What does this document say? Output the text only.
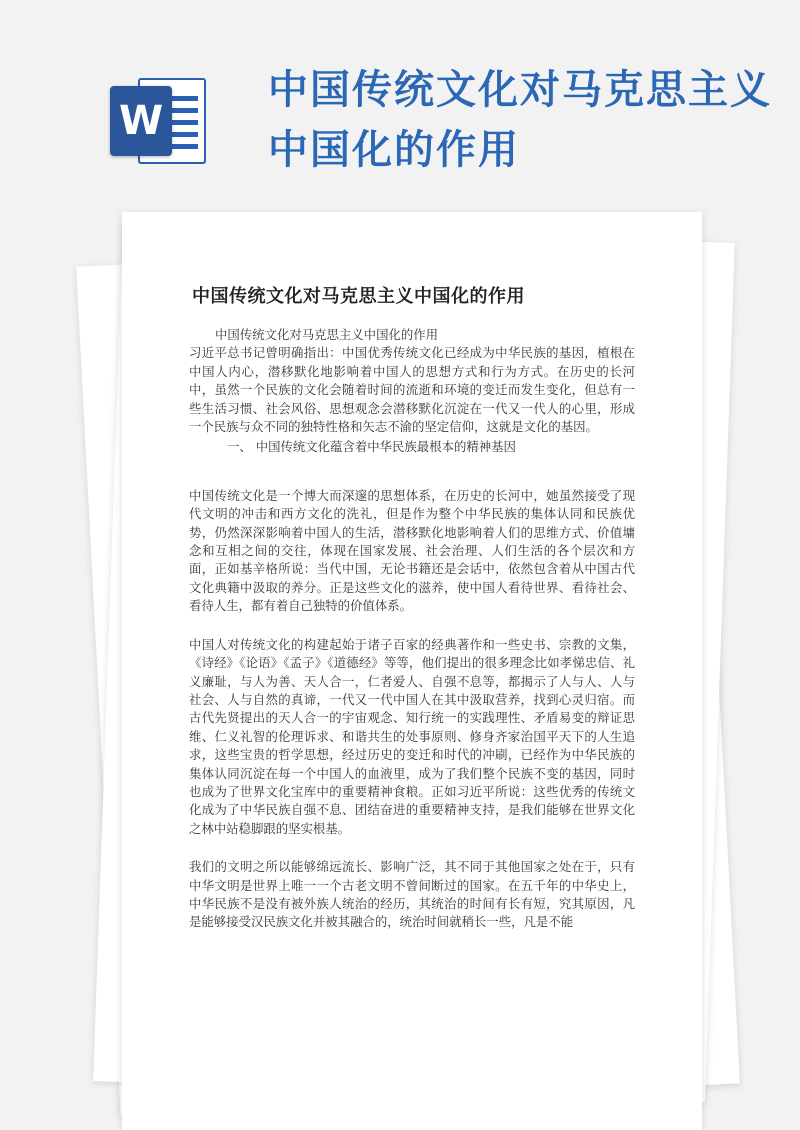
W
中国传统文化对马克思主义中国化的作用
中国传统文化对马克思主义中国化的作用

中国传统文化对马克思主义中国化的作用

习近平总书记曾明确指出：中国优秀传统文化已经成为中华民族的基因，植根在中国人内心，潜移默化地影响着中国人的思想方式和行为方式。在历史的长河中，虽然一个民族的文化会随着时间的流逝和环境的变迁而发生变化，但总有一些生活习惯、社会风俗、思想观念会潜移默化沉淀在一代又一代人的心里，形成一个民族与众不同的独特性格和矢志不渝的坚定信仰，这就是文化的基因。

一、 中国传统文化蕴含着中华民族最根本的精神基因

中国传统文化是一个博大而深邃的思想体系，在历史的长河中，她虽然接受了现代文明的冲击和西方文化的洗礼，但是作为整个中华民族的集体认同和民族优势，仍然深深影响着中国人的生活，潜移默化地影响着人们的思维方式、价值墉念和互相之间的交往，体现在国家发展、社会治理、人们生活的各个层次和方面，正如基辛格所说：当代中国，无论书籍还是会话中，依然包含着从中国古代文化典籍中汲取的养分。正是这些文化的滋养，使中国人看待世界、看待社会、看待人生，都有着自己独特的价值体系。

中国人对传统文化的构建起始于诸子百家的经典著作和一些史书、宗教的文集，《诗经》《论语》《孟子》《道德经》等等，他们提出的很多理念比如孝悌忠信、礼义廉耻，与人为善、天人合一，仁者爱人、自强不息等，都揭示了人与人、人与社会、人与自然的真谛，一代又一代中国人在其中汲取营养，找到心灵归宿。而古代先贤提出的天人合一的宇宙观念、知行统一的实践理性、矛盾易变的辩证思维、仁义礼智的伦理诉求、和谐共生的处事原则、修身齐家治国平天下的人生追求，这些宝贵的哲学思想，经过历史的变迁和时代的冲刷，已经作为中华民族的集体认同沉淀在每一个中国人的血液里，成为了我们整个民族不变的基因，同时也成为了世界文化宝库中的重要精神食粮。正如习近平所说：这些优秀的传统文化成为了中华民族自强不息、团结奋进的重要精神支持，是我们能够在世界文化之林中站稳脚跟的坚实根基。

我们的文明之所以能够绵远流长、影响广泛，其不同于其他国家之处在于，只有中华文明是世界上唯一一个古老文明不曾间断过的国家。在五千年的中华史上，中华民族不是没有被外族人统治的经历，其统治的时间有长有短，究其原因，凡是能够接受汉民族文化并被其融合的，统治时间就稍长一些，凡是不能
